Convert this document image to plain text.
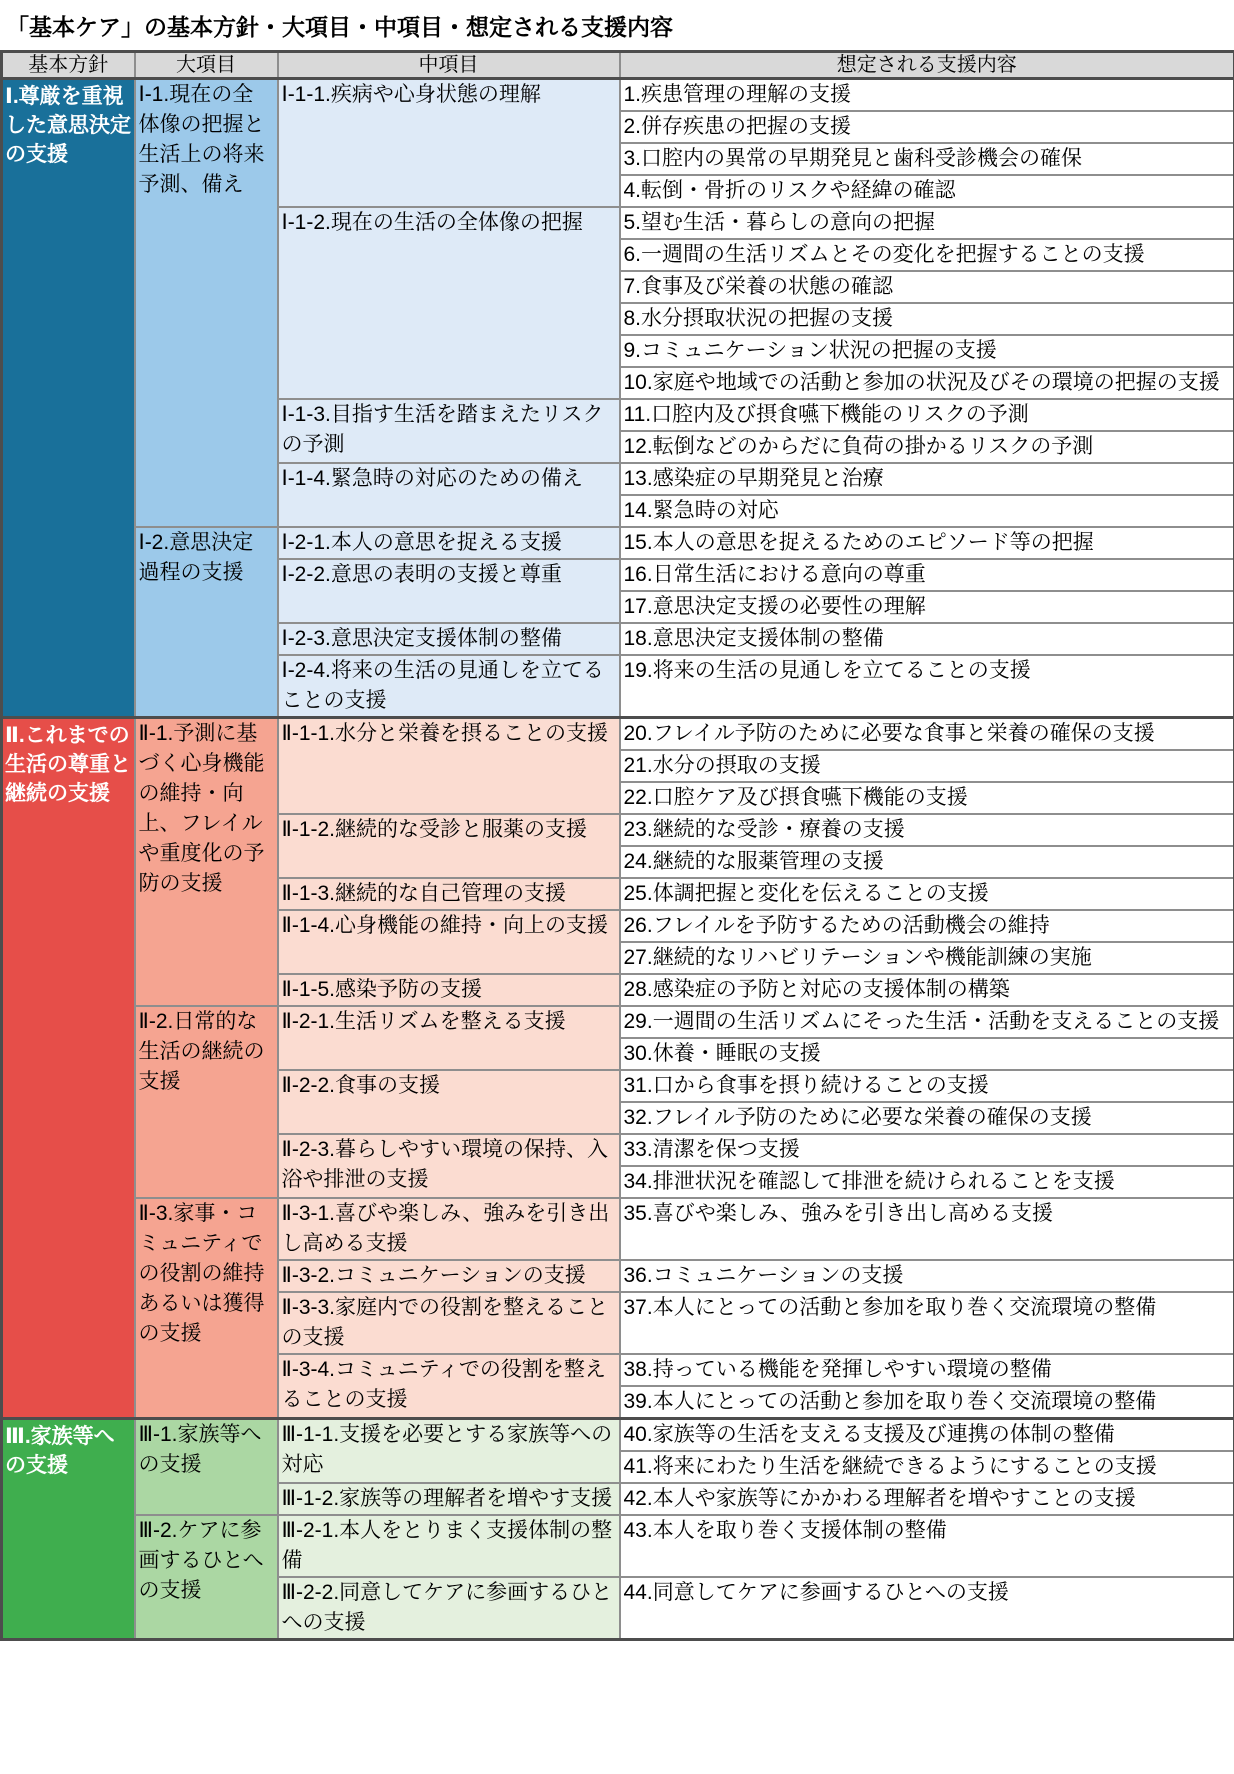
「基本ケア」の基本方針・大項目・中項目・想定される支援内容
基本方針	大項目	中項目	想定される支援内容
Ⅰ.尊厳を重視した意思決定の支援	Ⅰ-1.現在の全体像の把握と生活上の将来予測、備え	Ⅰ-1-1.疾病や心身状態の理解	1.疾患管理の理解の支援
			2.併存疾患の把握の支援
			3.口腔内の異常の早期発見と歯科受診機会の確保
			4.転倒・骨折のリスクや経緯の確認
		Ⅰ-1-2.現在の生活の全体像の把握	5.望む生活・暮らしの意向の把握
			6.一週間の生活リズムとその変化を把握することの支援
			7.食事及び栄養の状態の確認
			8.水分摂取状況の把握の支援
			9.コミュニケーション状況の把握の支援
			10.家庭や地域での活動と参加の状況及びその環境の把握の支援
		Ⅰ-1-3.目指す生活を踏まえたリスクの予測	11.口腔内及び摂食嚥下機能のリスクの予測
			12.転倒などのからだに負荷の掛かるリスクの予測
		Ⅰ-1-4.緊急時の対応のための備え	13.感染症の早期発見と治療
			14.緊急時の対応
	Ⅰ-2.意思決定過程の支援	Ⅰ-2-1.本人の意思を捉える支援	15.本人の意思を捉えるためのエピソード等の把握
		Ⅰ-2-2.意思の表明の支援と尊重	16.日常生活における意向の尊重
			17.意思決定支援の必要性の理解
		Ⅰ-2-3.意思決定支援体制の整備	18.意思決定支援体制の整備
		Ⅰ-2-4.将来の生活の見通しを立てることの支援	19.将来の生活の見通しを立てることの支援
Ⅱ.これまでの生活の尊重と継続の支援	Ⅱ-1.予測に基づく心身機能の維持・向上、フレイルや重度化の予防の支援	Ⅱ-1-1.水分と栄養を摂ることの支援	20.フレイル予防のために必要な食事と栄養の確保の支援
			21.水分の摂取の支援
			22.口腔ケア及び摂食嚥下機能の支援
		Ⅱ-1-2.継続的な受診と服薬の支援	23.継続的な受診・療養の支援
			24.継続的な服薬管理の支援
		Ⅱ-1-3.継続的な自己管理の支援	25.体調把握と変化を伝えることの支援
		Ⅱ-1-4.心身機能の維持・向上の支援	26.フレイルを予防するための活動機会の維持
			27.継続的なリハビリテーションや機能訓練の実施
		Ⅱ-1-5.感染予防の支援	28.感染症の予防と対応の支援体制の構築
	Ⅱ-2.日常的な生活の継続の支援	Ⅱ-2-1.生活リズムを整える支援	29.一週間の生活リズムにそった生活・活動を支えることの支援
			30.休養・睡眠の支援
		Ⅱ-2-2.食事の支援	31.口から食事を摂り続けることの支援
			32.フレイル予防のために必要な栄養の確保の支援
		Ⅱ-2-3.暮らしやすい環境の保持、入浴や排泄の支援	33.清潔を保つ支援
			34.排泄状況を確認して排泄を続けられることを支援
	Ⅱ-3.家事・コミュニティでの役割の維持あるいは獲得の支援	Ⅱ-3-1.喜びや楽しみ、強みを引き出し高める支援	35.喜びや楽しみ、強みを引き出し高める支援
		Ⅱ-3-2.コミュニケーションの支援	36.コミュニケーションの支援
		Ⅱ-3-3.家庭内での役割を整えることの支援	37.本人にとっての活動と参加を取り巻く交流環境の整備
		Ⅱ-3-4.コミュニティでの役割を整えることの支援	38.持っている機能を発揮しやすい環境の整備
			39.本人にとっての活動と参加を取り巻く交流環境の整備
Ⅲ.家族等への支援	Ⅲ-1.家族等への支援	Ⅲ-1-1.支援を必要とする家族等への対応	40.家族等の生活を支える支援及び連携の体制の整備
			41.将来にわたり生活を継続できるようにすることの支援
		Ⅲ-1-2.家族等の理解者を増やす支援	42.本人や家族等にかかわる理解者を増やすことの支援
	Ⅲ-2.ケアに参画するひとへの支援	Ⅲ-2-1.本人をとりまく支援体制の整備	43.本人を取り巻く支援体制の整備
		Ⅲ-2-2.同意してケアに参画するひとへの支援	44.同意してケアに参画するひとへの支援
